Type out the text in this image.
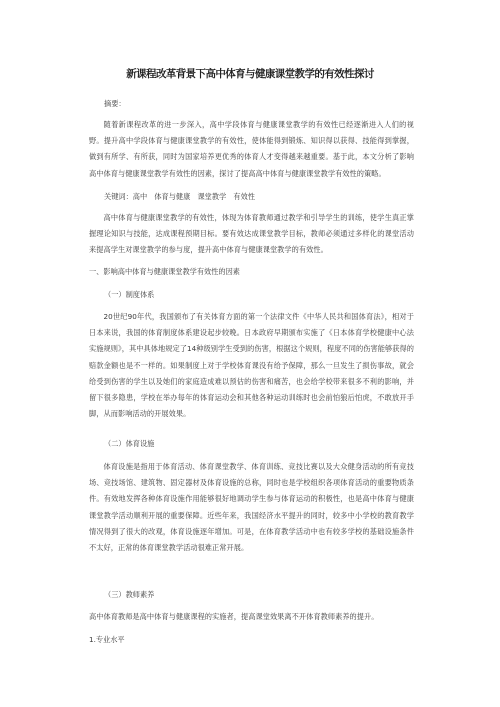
新课程改革背景下高中体育与健康课堂教学的有效性探讨

摘要：

随着新课程改革的进一步深入，高中学段体育与健康课堂教学的有效性已经逐渐进入人们的视野。提升高中学段体育与健康课堂教学的有效性，使体能得到锻炼、知识得以获得、技能得到掌握，做到有所学、有所获，同时为国家培养更优秀的体育人才变得越来越重要。基于此，本文分析了影响高中体育与健康课堂教学有效性的因素，探讨了提高高中体育与健康课堂教学有效性的策略。

关键词：高中　体育与健康　课堂教学　有效性

高中体育与健康课堂教学的有效性，体现为体育教师通过教学和引导学生的训练，使学生真正掌握理论知识与技能，达成课程预期目标。要有效达成课堂教学目标，教师必须通过多样化的课堂活动来提高学生对课堂教学的参与度，提升高中体育与健康课堂教学的有效性。

一、影响高中体育与健康课堂教学有效性的因素

（一）制度体系

20世纪90年代，我国颁布了有关体育方面的第一个法律文件《中华人民共和国体育法》，相对于日本来说，我国的体育制度体系建设起步较晚。日本政府早期颁布实施了《日本体育学校健康中心法实施规则》，其中具体地规定了14种级别学生受到的伤害，根据这个规则，程度不同的伤害能够获得的赔款金额也是不一样的。如果制度上对于学校体育课没有给予保障，那么一旦发生了损伤事故，就会给受到伤害的学生以及她们的家庭造成难以预估的伤害和痛苦，也会给学校带来很多不利的影响，并留下很多隐患，学校在举办每年的体育运动会和其他各种运动训练时也会前怕狼后怕虎，不敢放开手脚，从而影响活动的开展效果。

（二）体育设施

体育设施是指用于体育活动、体育课堂教学、体育训练、竞技比赛以及大众健身活动的所有竞技场、竞技场馆、建筑物、固定器材及体育设施的总称，同时也是学校组织各项体育活动的重要物质条件。有效地发挥各种体育设施作用能够很好地调动学生参与体育运动的积极性，也是高中体育与健康课堂教学活动顺利开展的重要保障。近些年来，我国经济水平提升的同时，较多中小学校的教育教学情况得到了很大的改观，体育设施逐年增加。可是，在体育教学活动中也有较多学校的基础设施条件不太好，正常的体育课堂教学活动很难正常开展。

（三）教师素养

高中体育教师是高中体育与健康课程的实施者，提高课堂效果离不开体育教师素养的提升。

1.专业水平
